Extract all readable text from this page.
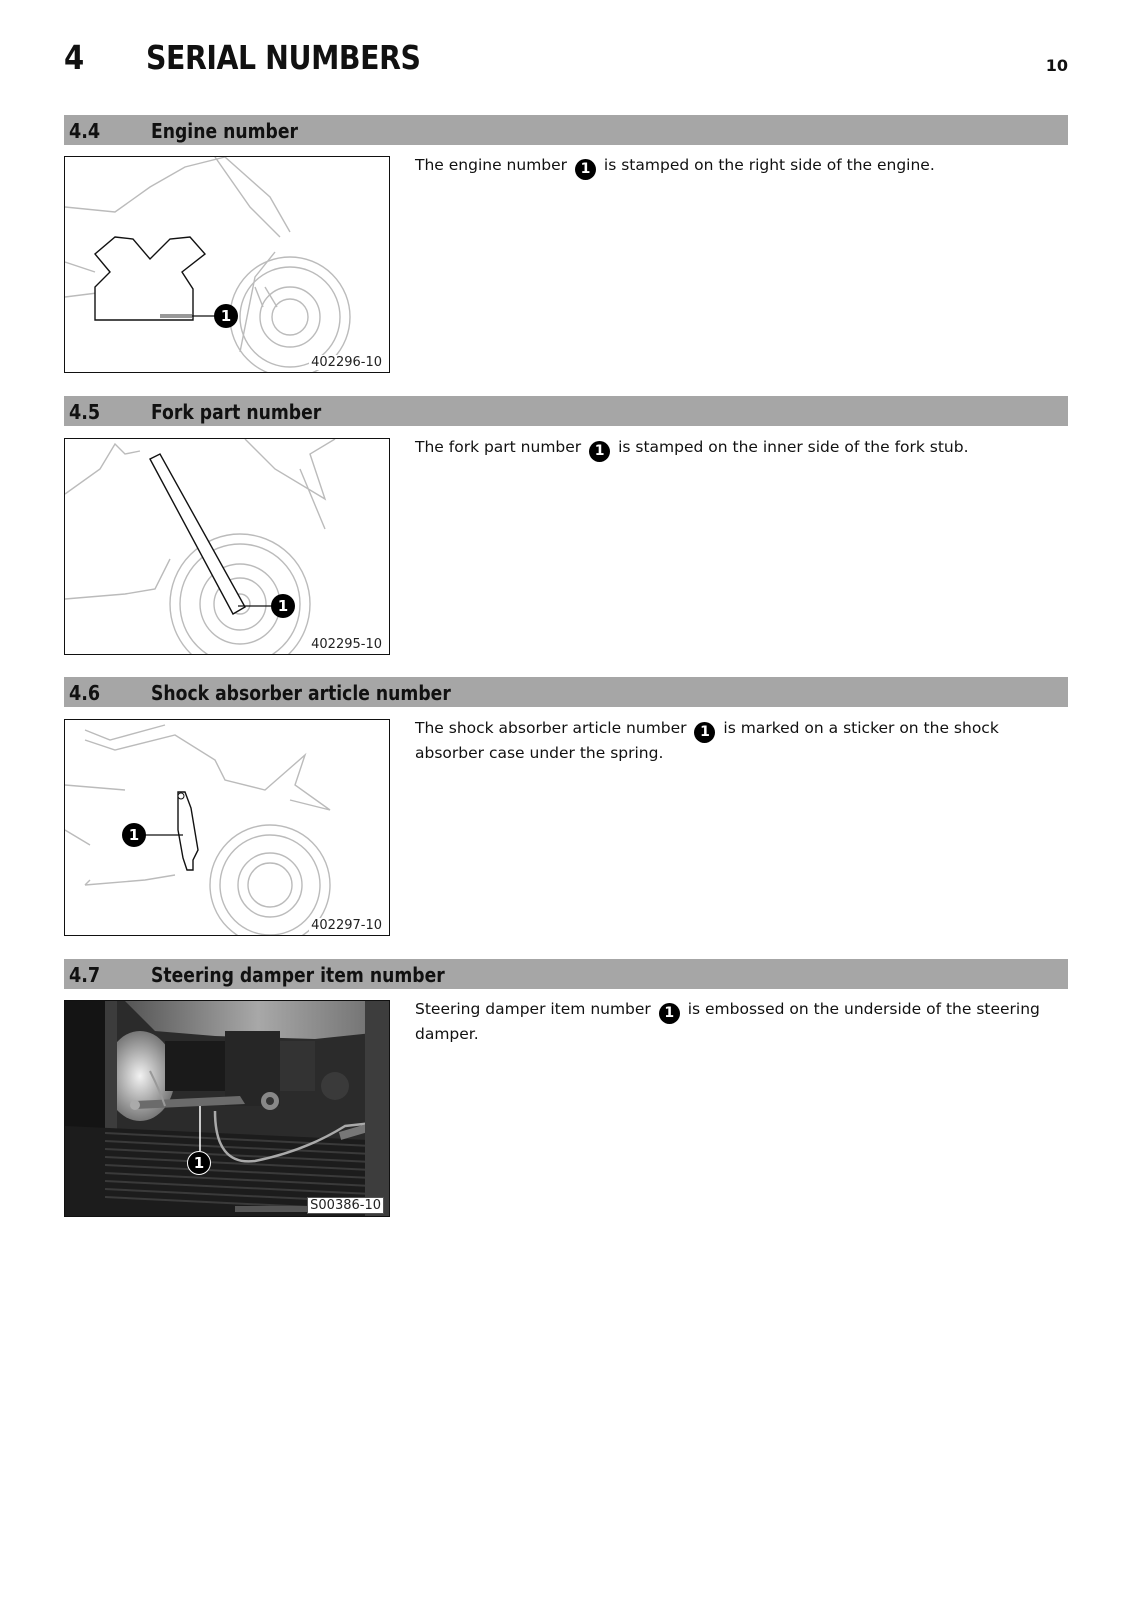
4 SERIAL NUMBERS	10
4.4	Engine number
1
402296-10
The engine number 1 is stamped on the right side of the engine.
4.5	Fork part number
1
402295-10
The fork part number 1 is stamped on the inner side of the fork stub.
4.6	Shock absorber article number
1
402297-10
The shock absorber article number 1 is marked on a sticker on the shock absorber case under the spring.
4.7	Steering damper item number
1
S00386-10
Steering damper item number 1 is embossed on the underside of the steering damper.
